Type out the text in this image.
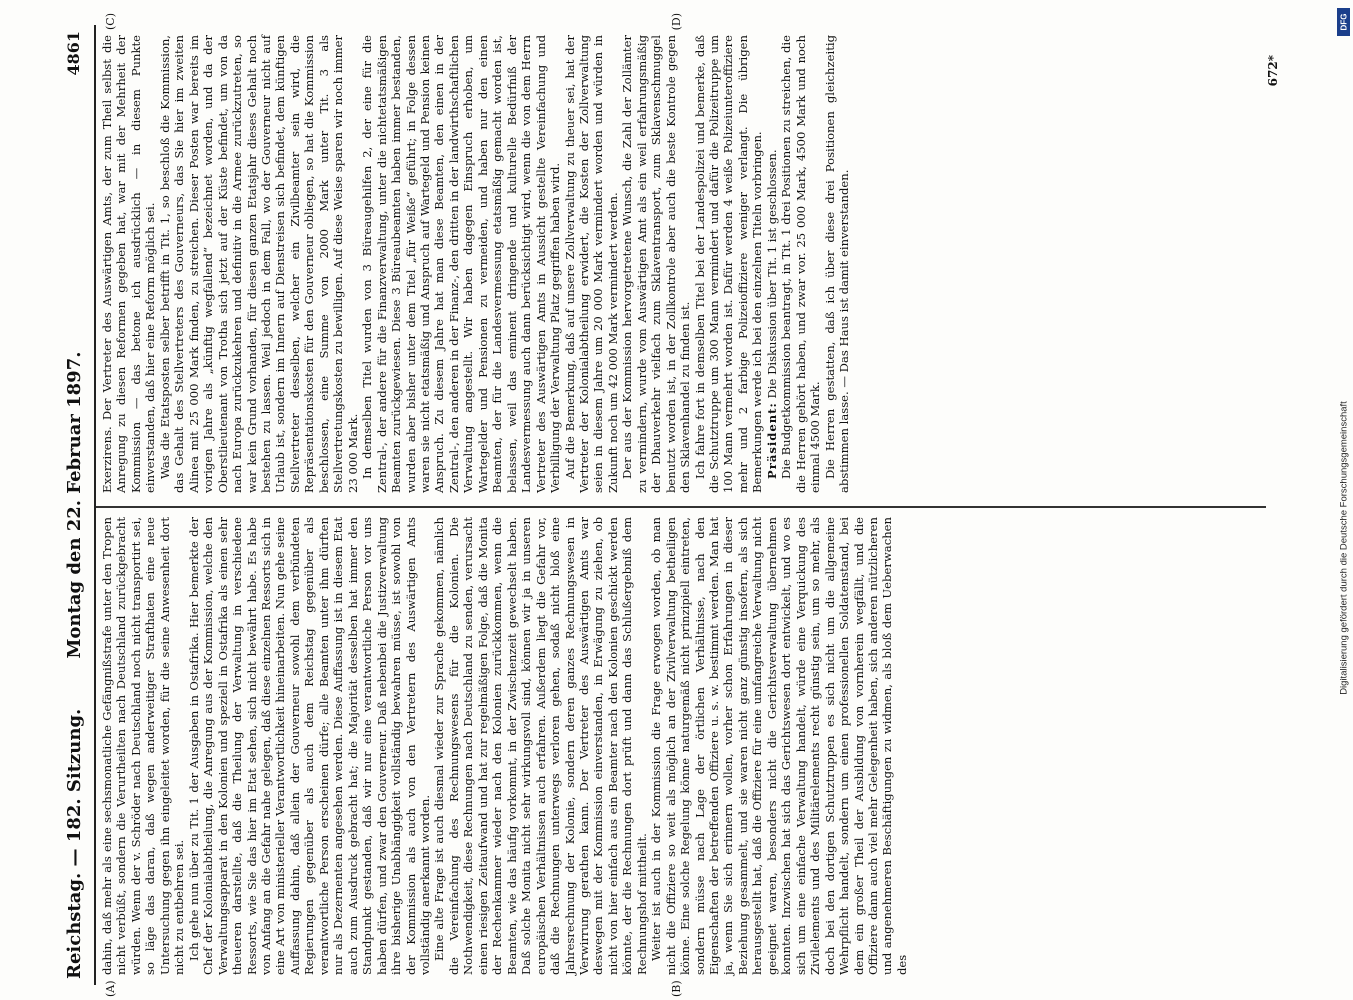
Reichstag. — 182. Sitzung.
Montag den 22. Februar 1897.
4861
(A)	(B)

dahin, daß mehr als eine sechsmonatliche Gefängnißstrafe unter den Tropen nicht verbüßt, sondern die Verurtheilten nach Deutschland zurückgebracht würden. Wenn der v. Schröder nach Deutschland noch nicht transportirt sei, so läge das daran, daß wegen anderweitiger Strafthaten eine neue Untersuchung gegen ihn eingeleitet worden, für die seine Anwesenheit dort nicht zu entbehren sei. Ich gehe nun über zu Tit. 1 der Ausgaben in Ostafrika. Hier bemerkte der Chef der Kolonialabtheilung, die Anregung aus der Kommission, welche den Verwaltungsapparat in den Kolonien und speziell in Ostafrika als einen sehr theueren darstellte, daß die Theilung der Verwaltung in verschiedene Ressorts, wie Sie das hier im Etat sehen, sich nicht bewährt habe. Es habe von Anfang an die Gefahr nahe gelegen, daß diese einzelnen Ressorts sich in eine Art von ministerieller Verantwortlichkeit hineinarbeiten. Nun gehe seine Auffassung dahin, daß allein der Gouverneur sowohl dem verbündeten Regierungen gegenüber als auch dem Reichstag gegenüber als verantwortliche Person erscheinen dürfe; alle Beamten unter ihm dürften nur als Dezernenten angesehen werden. Diese Auffassung ist in diesem Etat auch zum Ausdruck gebracht hat; die Majorität desselben hat immer den Standpunkt gestanden, daß wir nur eine verantwortliche Person vor uns haben dürfen, und zwar den Gouverneur. Daß nebenbei die Justizverwaltung ihre bisherige Unabhängigkeit vollständig bewahren müsse, ist sowohl von der Kommission als auch von den Vertretern des Auswärtigen Amts vollständig anerkannt worden. Eine alte Frage ist auch diesmal wieder zur Sprache gekommen, nämlich die Vereinfachung des Rechnungswesens für die Kolonien. Die Nothwendigkeit, diese Rechnungen nach Deutschland zu senden, verursacht einen riesigen Zeitaufwand und hat zur regelmäßigen Folge, daß die Monita der Rechenkammer wieder nach den Kolonien zurückkommen, wenn die Beamten, wie das häufig vorkommt, in der Zwischenzeit gewechselt haben. Daß solche Monita nicht sehr wirkungsvoll sind, können wir ja in unseren europäischen Verhältnissen auch erfahren. Außerdem liegt die Gefahr vor, daß die Rechnungen unterwegs verloren gehen, sodaß nicht bloß eine Jahresrechnung der Kolonie, sondern deren ganzes Rechnungswesen in Verwirrung gerathen kann. Der Vertreter des Auswärtigen Amts war deswegen mit der Kommission einverstanden, in Erwägung zu ziehen, ob nicht von hier einfach aus ein Beamter nach den Kolonien geschickt werden könnte, der die Rechnungen dort prüft und dann das Schlußergebniß dem Rechnungshof mittheilt. Weiter ist auch in der Kommission die Frage erwogen worden, ob man nicht die Offiziere so weit als möglich an der Zivilverwaltung betheiligen könne. Eine solche Regelung könne naturgemäß nicht prinzipiell eintreten, sondern müsse nach Lage der örtlichen Verhältnisse, nach den Eigenschaften der betreffenden Offiziere u. s. w. bestimmt werden. Man hat ja, wenn Sie sich erinnern wollen, vorher schon Erfahrungen in dieser Beziehung gesammelt, und sie waren nicht ganz günstig insofern, als sich herausgestellt hat, daß die Offiziere für eine umfangreiche Verwaltung nicht geeignet waren, besonders nicht die Gerichtsverwaltung übernehmen konnten. Inzwischen hat sich das Gerichtswesen dort entwickelt, und wo es sich um eine einfache Verwaltung handelt, würde eine Verquickung des Zivilelements und des Militärelements recht günstig sein, um so mehr, als doch bei den dortigen Schutztruppen es sich nicht um die allgemeine Wehrpflicht handelt, sondern um einen professionellen Soldatenstand, bei dem ein großer Theil der Ausbildung von vornherein wegfällt, und die Offiziere dann auch viel mehr Gelegenheit haben, sich anderen nützlicheren und angenehmeren Beschäftigungen zu widmen, als bloß dem Ueberwachen des

(C)	(D)

Exerzirens. Der Vertreter des Auswärtigen Amts, der zum Theil selbst die Anregung zu diesen Reformen gegeben hat, war mit der Mehrheit der Kommission — das betone ich ausdrücklich — in diesem Punkte einverstanden, daß hier eine Reform möglich sei. Was die Etatsposten selber betrifft in Tit. 1, so beschloß die Kommission, das Gehalt des Stellvertreters des Gouverneurs, das Sie hier im zweiten Alinea mit 25 000 Mark finden, zu streichen. Dieser Posten war bereits im vorigen Jahre als „künftig wegfallend“ bezeichnet worden, und da der Oberstlieutenant von Trotha sich jetzt auf der Küste befindet, um von da nach Europa zurückzukehren und definitiv in die Armee zurückzutreten, so war kein Grund vorhanden, für diesen ganzen Etatsjahr dieses Gehalt noch bestehen zu lassen. Weil jedoch in dem Fall, wo der Gouverneur nicht auf Urlaub ist, sondern im Innern auf Dienstreisen sich befindet, dem künftigen Stellvertreter desselben, welcher ein Zivilbeamter sein wird, die Repräsentationskosten für den Gouverneur obliegen, so hat die Kommission beschlossen, eine Summe von 2000 Mark unter Tit. 3 als Stellvertretungskosten zu bewilligen. Auf diese Weise sparen wir noch immer 23 000 Mark. In demselben Titel wurden von 3 Büreaugehilfen 2, der eine für die Zentral-, der andere für die Finanzverwaltung, unter die nichtetatsmäßigen Beamten zurückgewiesen. Diese 3 Büreaubeamten haben immer bestanden, wurden aber bisher unter dem Titel „für Weiße“ geführt; in Folge dessen waren sie nicht etatsmäßig und Anspruch auf Wartegeld und Pension keinen Anspruch. Zu diesem Jahre hat man diese Beamten, den einen in der Zentral-, den anderen in der Finanz-, den dritten in der landwirthschaftlichen Verwaltung angestellt. Wir haben dagegen Einspruch erhoben, um Wartegelder und Pensionen zu vermeiden, und haben nur den einen Beamten, der für die Landesvermessung etatsmäßig gemacht worden ist, belassen, weil das eminent dringende und kulturelle Bedürfniß der Landesvermessung auch dann berücksichtigt wird, wenn die von dem Herrn Vertreter des Auswärtigen Amts in Aussicht gestellte Vereinfachung und Verbilligung der Verwaltung Platz gegriffen haben wird. Auf die Bemerkung, daß auf unsere Zollverwaltung zu theuer sei, hat der Vertreter der Kolonialabtheilung erwidert, die Kosten der Zollverwaltung seien in diesem Jahre um 20 000 Mark vermindert worden und würden in Zukunft noch um 42 000 Mark vermindert werden. Der aus der Kommission hervorgetretene Wunsch, die Zahl der Zollämter zu vermindern, wurde vom Auswärtigen Amt als ein weil erfahrungsmäßig der Dhauverkehr vielfach zum Sklaventransport, zum Sklavenschmuggel benutzt worden ist, in der Zollkontrole aber auch die beste Kontrole gegen den Sklavenhandel zu finden ist. Ich fahre fort in demselben Titel bei der Landespolizei und bemerke, daß die Schutztruppe um 300 Mann vermindert und dafür die Polizeitruppe um 100 Mann vermehrt worden ist. Dafür werden 4 weiße Polizeiunteroffiziere mehr und 2 farbige Polizeioffiziere weniger verlangt. Die übrigen Bemerkungen werde ich bei den einzelnen Titeln vorbringen. Präsident: Die Diskussion über Tit. 1 ist geschlossen. Die Budgetkommission beantragt, in Tit. 1 drei Positionen zu streichen, die die Herren gehört haben, und zwar vor. 25 000 Mark, 4500 Mark und noch einmal 4500 Mark. Die Herren gestatten, daß ich über diese drei Positionen gleichzeitig abstimmen lasse. — Das Haus ist damit einverstanden.

672*
DFG
Digitalisierung gefördert durch die Deutsche Forschungsgemeinschaft
